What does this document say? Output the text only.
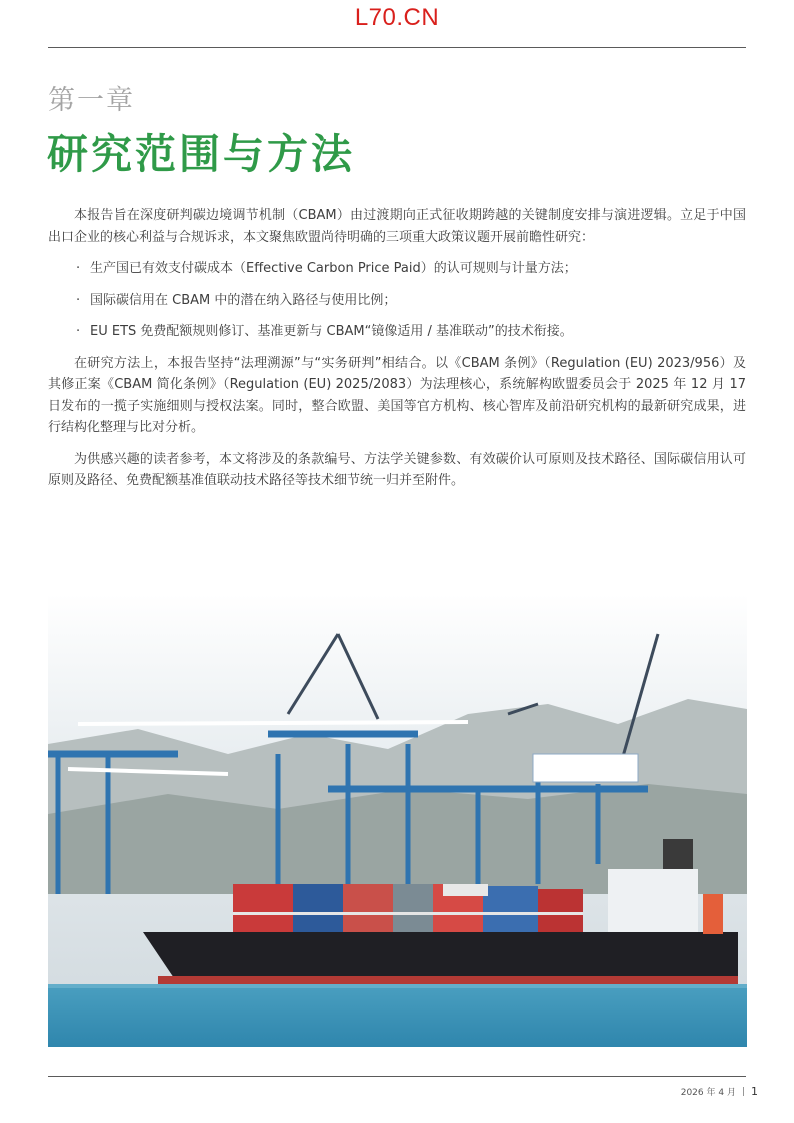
L70.CN
第一章
研究范围与方法

本报告旨在深度研判碳边境调节机制（CBAM）由过渡期向正式征收期跨越的关键制度安排与演进逻辑。立足于中国出口企业的核心利益与合规诉求，本文聚焦欧盟尚待明确的三项重大政策议题开展前瞻性研究：

· 生产国已有效支付碳成本（Effective Carbon Price Paid）的认可规则与计量方法；
· 国际碳信用在 CBAM 中的潜在纳入路径与使用比例；
· EU ETS 免费配额规则修订、基准更新与 CBAM“镜像适用 / 基准联动”的技术衔接。

在研究方法上，本报告坚持“法理溯源”与“实务研判”相结合。以《CBAM 条例》（Regulation (EU) 2023/956）及其修正案《CBAM 简化条例》（Regulation (EU) 2025/2083）为法理核心，系统解构欧盟委员会于 2025 年 12 月 17 日发布的一揽子实施细则与授权法案。同时，整合欧盟、美国等官方机构、核心智库及前沿研究机构的最新研究成果，进行结构化整理与比对分析。

为供感兴趣的读者参考，本文将涉及的条款编号、方法学关键参数、有效碳价认可原则及技术路径、国际碳信用认可原则及路径、免费配额基准值联动技术路径等技术细节统一归并至附件。

2026 年 4 月 | 1
